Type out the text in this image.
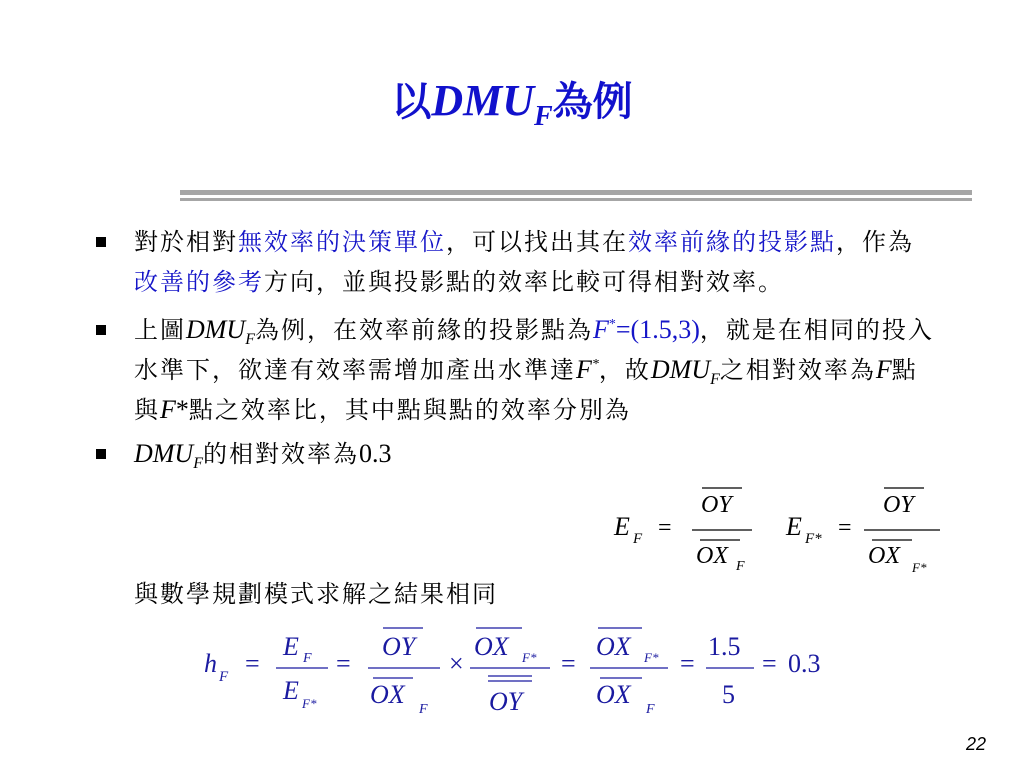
以$DMU_F$為例
對於相對無效率的決策單位，可以找出其在效率前緣的投影點，作為改善的參考方向，並與投影點的效率比較可得相對效率。
上圖$DMU_F$為例，在效率前緣的投影點為F*=(1.5,3)，就是在相同的投入水準下，欲達有效率需增加產出水準達F*，故$DMU_F$之相對效率為F點與F*點之效率比，其中點與點的效率分別為
$DMU_F$的相對效率為0.3
與數學規劃模式求解之結果相同
E F =
OY
OX F
E F* =
OY
OX F*
h F =
E F
E F*
=
OY
OX
F
×
OX F*
OY
=
OX F*
OX
F
=
1.5
5
= 0.3
22
